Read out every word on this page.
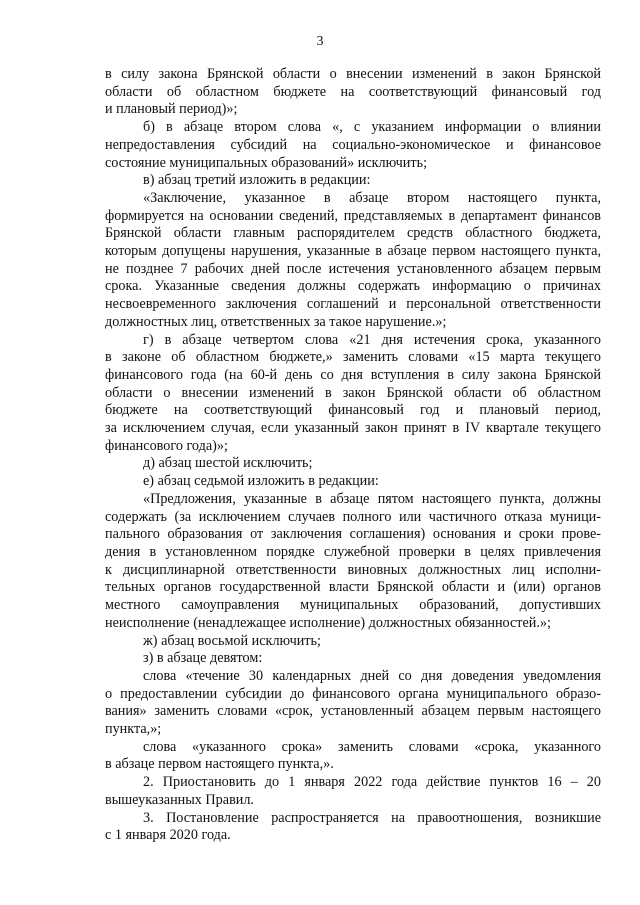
3
в силу закона Брянской области о внесении изменений в закон Брянской
области об областном бюджете на соответствующий финансовый год
и плановый период)»;
б) в абзаце втором слова «, с указанием информации о влиянии
непредоставления субсидий на социально-экономическое и финансовое
состояние муниципальных образований» исключить;
в) абзац третий изложить в редакции:
«Заключение, указанное в абзаце втором настоящего пункта,
формируется на основании сведений, представляемых в департамент финансов
Брянской области главным распорядителем средств областного бюджета,
которым допущены нарушения, указанные в абзаце первом настоящего пункта,
не позднее 7 рабочих дней после истечения установленного абзацем первым
срока. Указанные сведения должны содержать информацию о причинах
несвоевременного заключения соглашений и персональной ответственности
должностных лиц, ответственных за такое нарушение.»;
г) в абзаце четвертом слова «21 дня истечения срока, указанного
в законе об областном бюджете,» заменить словами «15 марта текущего
финансового года (на 60-й день со дня вступления в силу закона Брянской
области о внесении изменений в закон Брянской области об областном
бюджете на соответствующий финансовый год и плановый период,
за исключением случая, если указанный закон принят в IV квартале текущего
финансового года)»;
д) абзац шестой исключить;
е) абзац седьмой изложить в редакции:
«Предложения, указанные в абзаце пятом настоящего пункта, должны
содержать (за исключением случаев полного или частичного отказа муници-
пального образования от заключения соглашения) основания и сроки прове-
дения в установленном порядке служебной проверки в целях привлечения
к дисциплинарной ответственности виновных должностных лиц исполни-
тельных органов государственной власти Брянской области и (или) органов
местного самоуправления муниципальных образований, допустивших
неисполнение (ненадлежащее исполнение) должностных обязанностей.»;
ж) абзац восьмой исключить;
з) в абзаце девятом:
слова «течение 30 календарных дней со дня доведения уведомления
о предоставлении субсидии до финансового органа муниципального образо-
вания» заменить словами «срок, установленный абзацем первым настоящего
пункта,»;
слова «указанного срока» заменить словами «срока, указанного
в абзаце первом настоящего пункта,».
2. Приостановить до 1 января 2022 года действие пунктов 16 – 20
вышеуказанных Правил.
3. Постановление распространяется на правоотношения, возникшие
с 1 января 2020 года.
